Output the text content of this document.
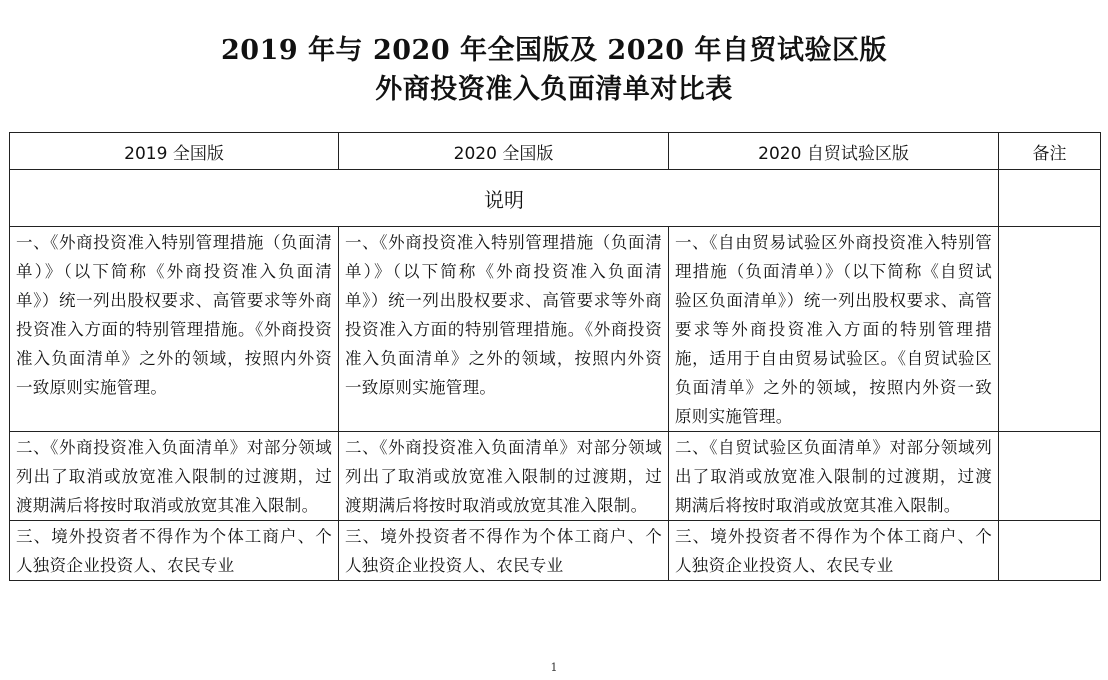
2019 年与 2020 年全国版及 2020 年自贸试验区版
外商投资准入负面清单对比表
2019 全国版	2020 全国版	2020 自贸试验区版	备注
说明			
一、《外商投资准入特别管理措施（负面清单）》（以下简称《外商投资准入负面清单》）统一列出股权要求、高管要求等外商投资准入方面的特别管理措施。《外商投资准入负面清单》之外的领域，按照内外资一致原则实施管理。	一、《外商投资准入特别管理措施（负面清单）》（以下简称《外商投资准入负面清单》）统一列出股权要求、高管要求等外商投资准入方面的特别管理措施。《外商投资准入负面清单》之外的领域，按照内外资一致原则实施管理。	一、《自由贸易试验区外商投资准入特别管理措施（负面清单）》（以下简称《自贸试验区负面清单》）统一列出股权要求、高管要求等外商投资准入方面的特别管理措施，适用于自由贸易试验区。《自贸试验区负面清单》之外的领域，按照内外资一致原则实施管理。	
二、《外商投资准入负面清单》对部分领域列出了取消或放宽准入限制的过渡期，过渡期满后将按时取消或放宽其准入限制。	二、《外商投资准入负面清单》对部分领域列出了取消或放宽准入限制的过渡期，过渡期满后将按时取消或放宽其准入限制。	二、《自贸试验区负面清单》对部分领域列出了取消或放宽准入限制的过渡期，过渡期满后将按时取消或放宽其准入限制。	

三、境外投资者不得作为个体工商户、个人独资企业投资人、农民专业	三、境外投资者不得作为个体工商户、个人独资企业投资人、农民专业	三、境外投资者不得作为个体工商户、个人独资企业投资人、农民专业	

1
